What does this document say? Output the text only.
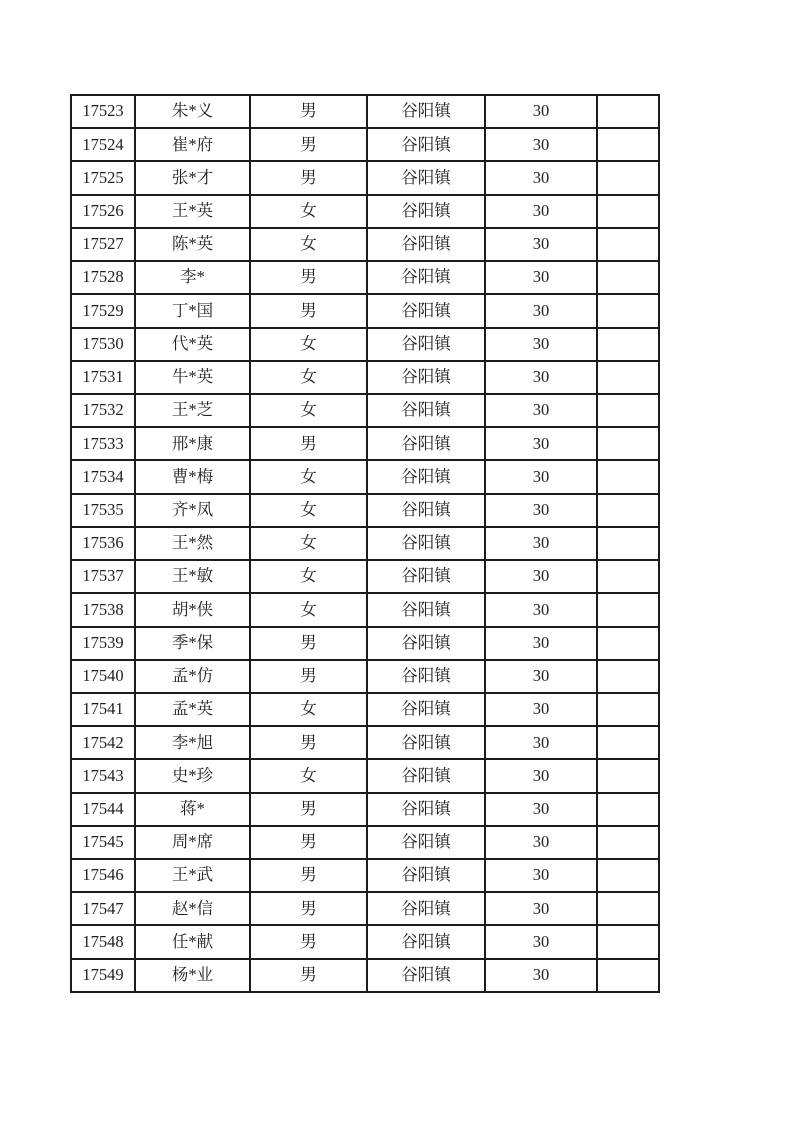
17523	朱*义	男	谷阳镇	30	
17524	崔*府	男	谷阳镇	30	
17525	张*才	男	谷阳镇	30	
17526	王*英	女	谷阳镇	30	
17527	陈*英	女	谷阳镇	30	
17528	李*	男	谷阳镇	30	
17529	丁*国	男	谷阳镇	30	
17530	代*英	女	谷阳镇	30	
17531	牛*英	女	谷阳镇	30	
17532	王*芝	女	谷阳镇	30	
17533	邢*康	男	谷阳镇	30	
17534	曹*梅	女	谷阳镇	30	
17535	齐*凤	女	谷阳镇	30	
17536	王*然	女	谷阳镇	30	
17537	王*敏	女	谷阳镇	30	
17538	胡*侠	女	谷阳镇	30	
17539	季*保	男	谷阳镇	30	
17540	孟*仿	男	谷阳镇	30	
17541	孟*英	女	谷阳镇	30	
17542	李*旭	男	谷阳镇	30	
17543	史*珍	女	谷阳镇	30	
17544	蒋*	男	谷阳镇	30	
17545	周*席	男	谷阳镇	30	
17546	王*武	男	谷阳镇	30	
17547	赵*信	男	谷阳镇	30	
17548	任*献	男	谷阳镇	30	
17549	杨*业	男	谷阳镇	30	
